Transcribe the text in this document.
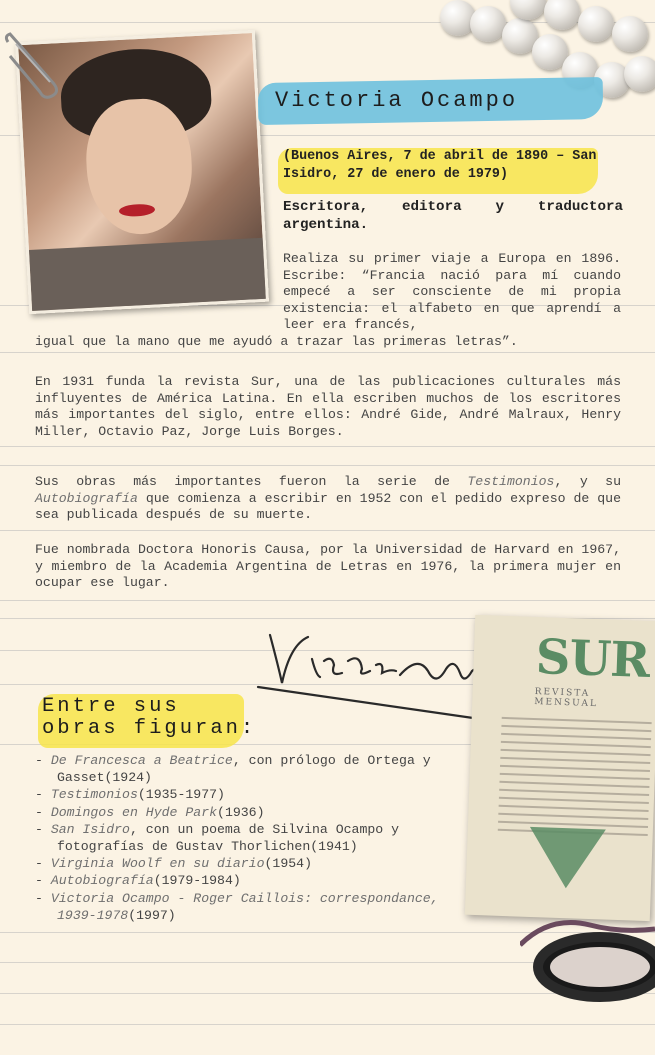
Victoria Ocampo
(Buenos Aires, 7 de abril de 1890 – San Isidro, 27 de enero de 1979)
Escritora, editora y traductora argentina.
Realiza su primer viaje a Europa en 1896. Escribe: “Francia nació para mí cuando empecé a ser consciente de mi propia existencia: el alfabeto en que aprendí a leer era francés,
igual que la mano que me ayudó a trazar las primeras letras”.
En 1931 funda la revista Sur, una de las publicaciones culturales más influyentes de América Latina. En ella escriben muchos de los escritores más importantes del siglo, entre ellos: André Gide, André Malraux, Henry Miller, Octavio Paz, Jorge Luis Borges.
Sus obras más importantes fueron la serie de Testimonios, y su Autobiografía que comienza a escribir en 1952 con el pedido expreso de que sea publicada después de su muerte.
Fue nombrada Doctora Honoris Causa, por la Universidad de Harvard en 1967, y miembro de la Academia Argentina de Letras en 1976, la primera mujer en ocupar ese lugar.
SUR
REVISTA MENSUAL
Entre sus
obras figuran:
- De Francesca a Beatrice, con prólogo de Ortega y Gasset(1924)
- Testimonios(1935-1977)
- Domingos en Hyde Park(1936)
- San Isidro, con un poema de Silvina Ocampo y fotografías de Gustav Thorlichen(1941)
- Virginia Woolf en su diario(1954)
- Autobiografía(1979-1984)
- Victoria Ocampo - Roger Caillois: correspondance, 1939-1978(1997)
